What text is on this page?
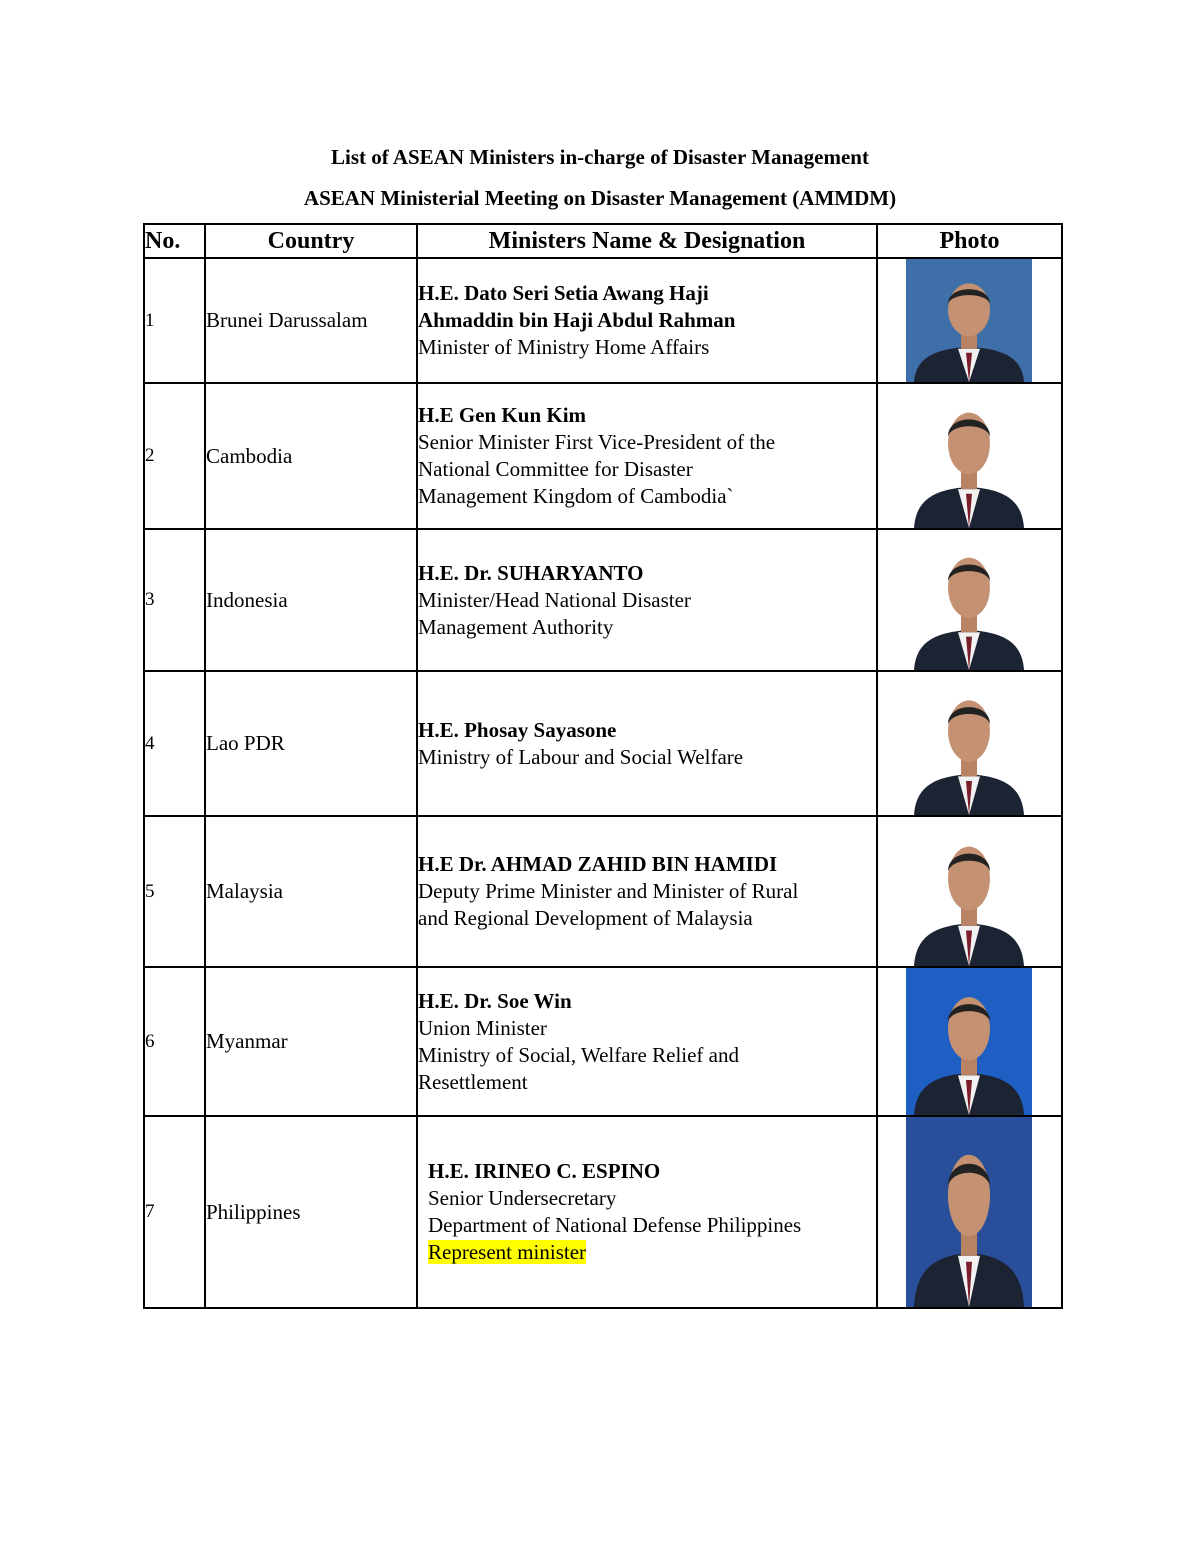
List of ASEAN Ministers in-charge of Disaster Management
ASEAN Ministerial Meeting on Disaster Management (AMMDM)
No.	Country	Ministers Name & Designation	Photo
1	Brunei Darussalam	H.E. Dato Seri Setia Awang Haji
Ahmaddin bin Haji Abdul Rahman
Minister of Ministry Home Affairs

2	Cambodia	H.E Gen Kun Kim
Senior Minister First Vice-President of the
National Committee for Disaster
Management Kingdom of Cambodia`

3	Indonesia	H.E. Dr. SUHARYANTO
Minister/Head National Disaster
Management Authority

4	Lao PDR	H.E. Phosay Sayasone
Ministry of Labour and Social Welfare

5	Malaysia	H.E Dr. AHMAD ZAHID BIN HAMIDI
Deputy Prime Minister and Minister of Rural
and Regional Development of Malaysia

6	Myanmar	H.E. Dr. Soe Win
Union Minister
Ministry of Social, Welfare Relief and
Resettlement

7	Philippines	H.E. IRINEO C. ESPINO
Senior Undersecretary
Department of National Defense Philippines
Represent minister
